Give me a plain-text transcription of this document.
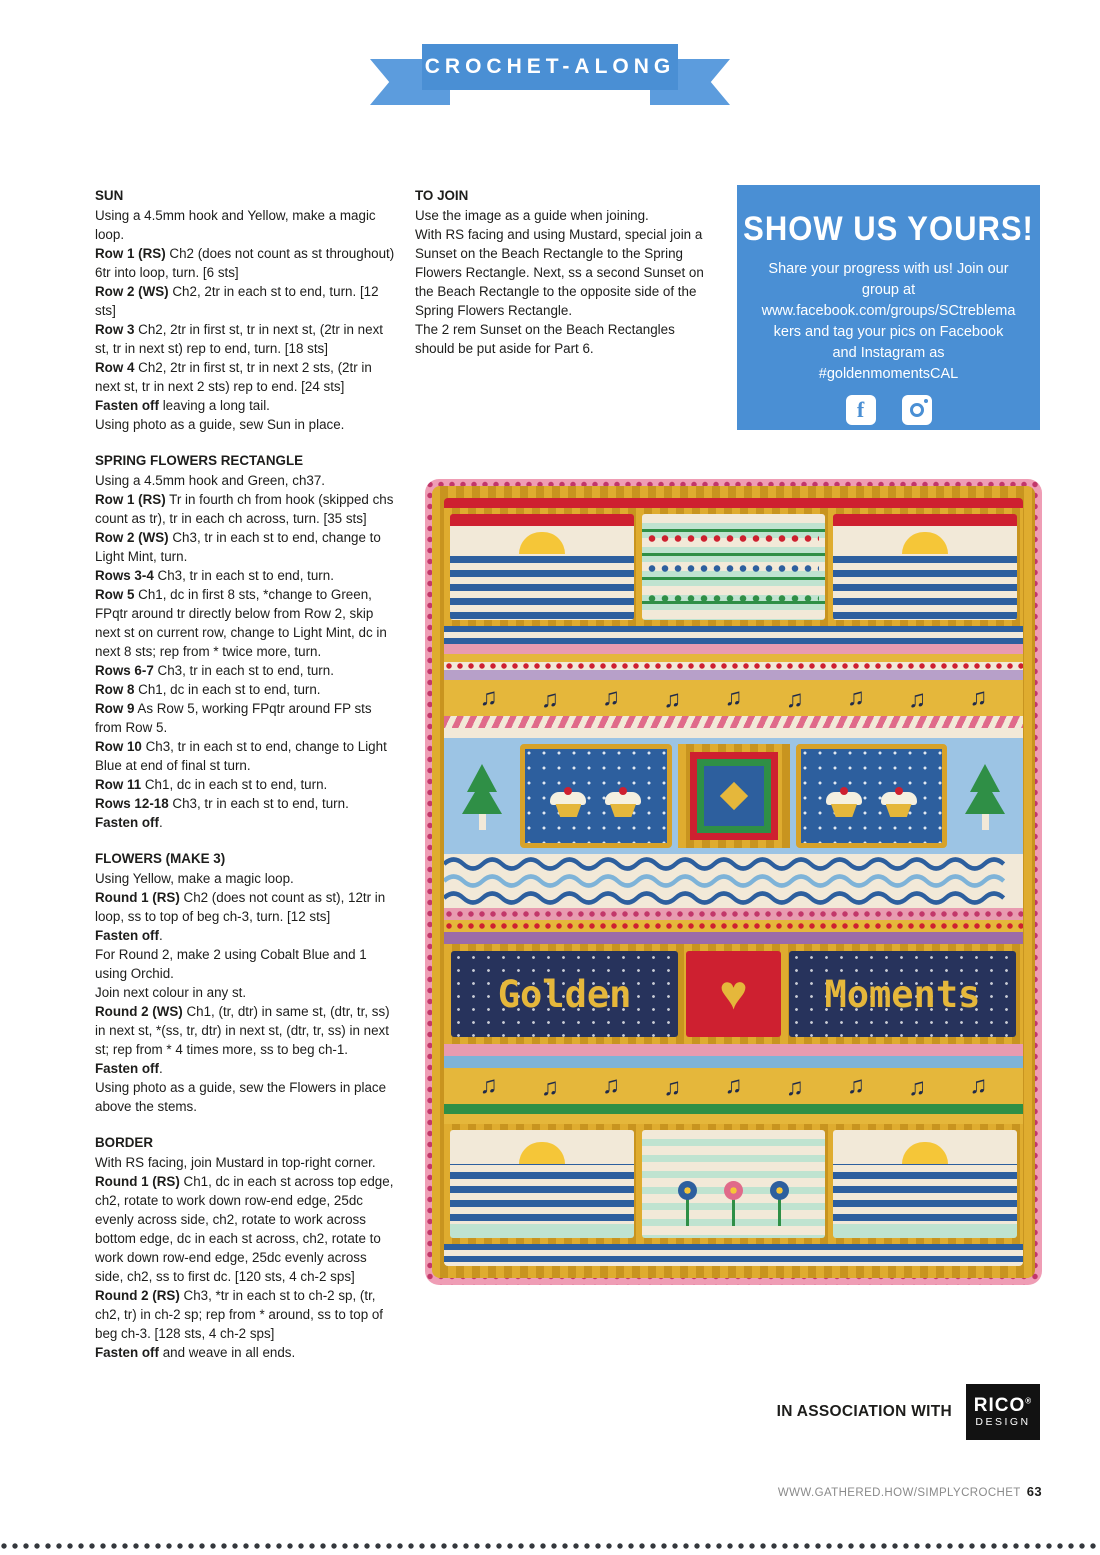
CROCHET-ALONG
SUN

Using a 4.5mm hook and Yellow, make a magic loop.

Row 1 (RS) Ch2 (does not count as st throughout) 6tr into loop, turn. [6 sts]

Row 2 (WS) Ch2, 2tr in each st to end, turn. [12 sts]

Row 3 Ch2, 2tr in first st, tr in next st, (2tr in next st, tr in next st) rep to end, turn. [18 sts]

Row 4 Ch2, 2tr in first st, tr in next 2 sts, (2tr in next st, tr in next 2 sts) rep to end. [24 sts]

Fasten off leaving a long tail.

Using photo as a guide, sew Sun in place.

SPRING FLOWERS RECTANGLE

Using a 4.5mm hook and Green, ch37.

Row 1 (RS) Tr in fourth ch from hook (skipped chs count as tr), tr in each ch across, turn. [35 sts]

Row 2 (WS) Ch3, tr in each st to end, change to Light Mint, turn.

Rows 3-4 Ch3, tr in each st to end, turn.

Row 5 Ch1, dc in first 8 sts, *change to Green, FPqtr around tr directly below from Row 2, skip next st on current row, change to Light Mint, dc in next 8 sts; rep from * twice more, turn.

Rows 6-7 Ch3, tr in each st to end, turn.

Row 8 Ch1, dc in each st to end, turn.

Row 9 As Row 5, working FPqtr around FP sts from Row 5.

Row 10 Ch3, tr in each st to end, change to Light Blue at end of final st turn.

Row 11 Ch1, dc in each st to end, turn.

Rows 12-18 Ch3, tr in each st to end, turn.

Fasten off.

FLOWERS (MAKE 3)

Using Yellow, make a magic loop.

Round 1 (RS) Ch2 (does not count as st), 12tr in loop, ss to top of beg ch-3, turn. [12 sts]

Fasten off.

For Round 2, make 2 using Cobalt Blue and 1 using Orchid.

Join next colour in any st.

Round 2 (WS) Ch1, (tr, dtr) in same st, (dtr, tr, ss) in next st, *(ss, tr, dtr) in next st, (dtr, tr, ss) in next st; rep from * 4 times more, ss to beg ch-1.

Fasten off.

Using photo as a guide, sew the Flowers in place above the stems.

BORDER

With RS facing, join Mustard in top-right corner.

Round 1 (RS) Ch1, dc in each st across top edge, ch2, rotate to work down row-end edge, 25dc evenly across side, ch2, rotate to work across bottom edge, dc in each st across, ch2, rotate to work down row-end edge, 25dc evenly across side, ch2, ss to first dc. [120 sts, 4 ch-2 sps]

Round 2 (RS) Ch3, *tr in each st to ch-2 sp, (tr, ch2, tr) in ch-2 sp; rep from * around, ss to top of beg ch-3. [128 sts, 4 ch-2 sps]

Fasten off and weave in all ends.

TO JOIN

Use the image as a guide when joining.

With RS facing and using Mustard, special join a Sunset on the Beach Rectangle to the Spring Flowers Rectangle. Next, ss a second Sunset on the Beach Rectangle to the opposite side of the Spring Flowers Rectangle.

The 2 rem Sunset on the Beach Rectangles should be put aside for Part 6.

SHOW US YOURS!

Share your progress with us! Join our group at www.facebook.com/groups/SCtreblemakers and tag your pics on Facebook and Instagram as #goldenmomentsCAL

f
♫ ♫ ♫ ♫ ♫ ♫ ♫ ♫ ♫
Golden ♥ Moments
♫ ♫ ♫ ♫ ♫ ♫ ♫ ♫ ♫
IN ASSOCIATION WITH RICO®
DESIGN
WWW.GATHERED.HOW/SIMPLYCROCHET 63
